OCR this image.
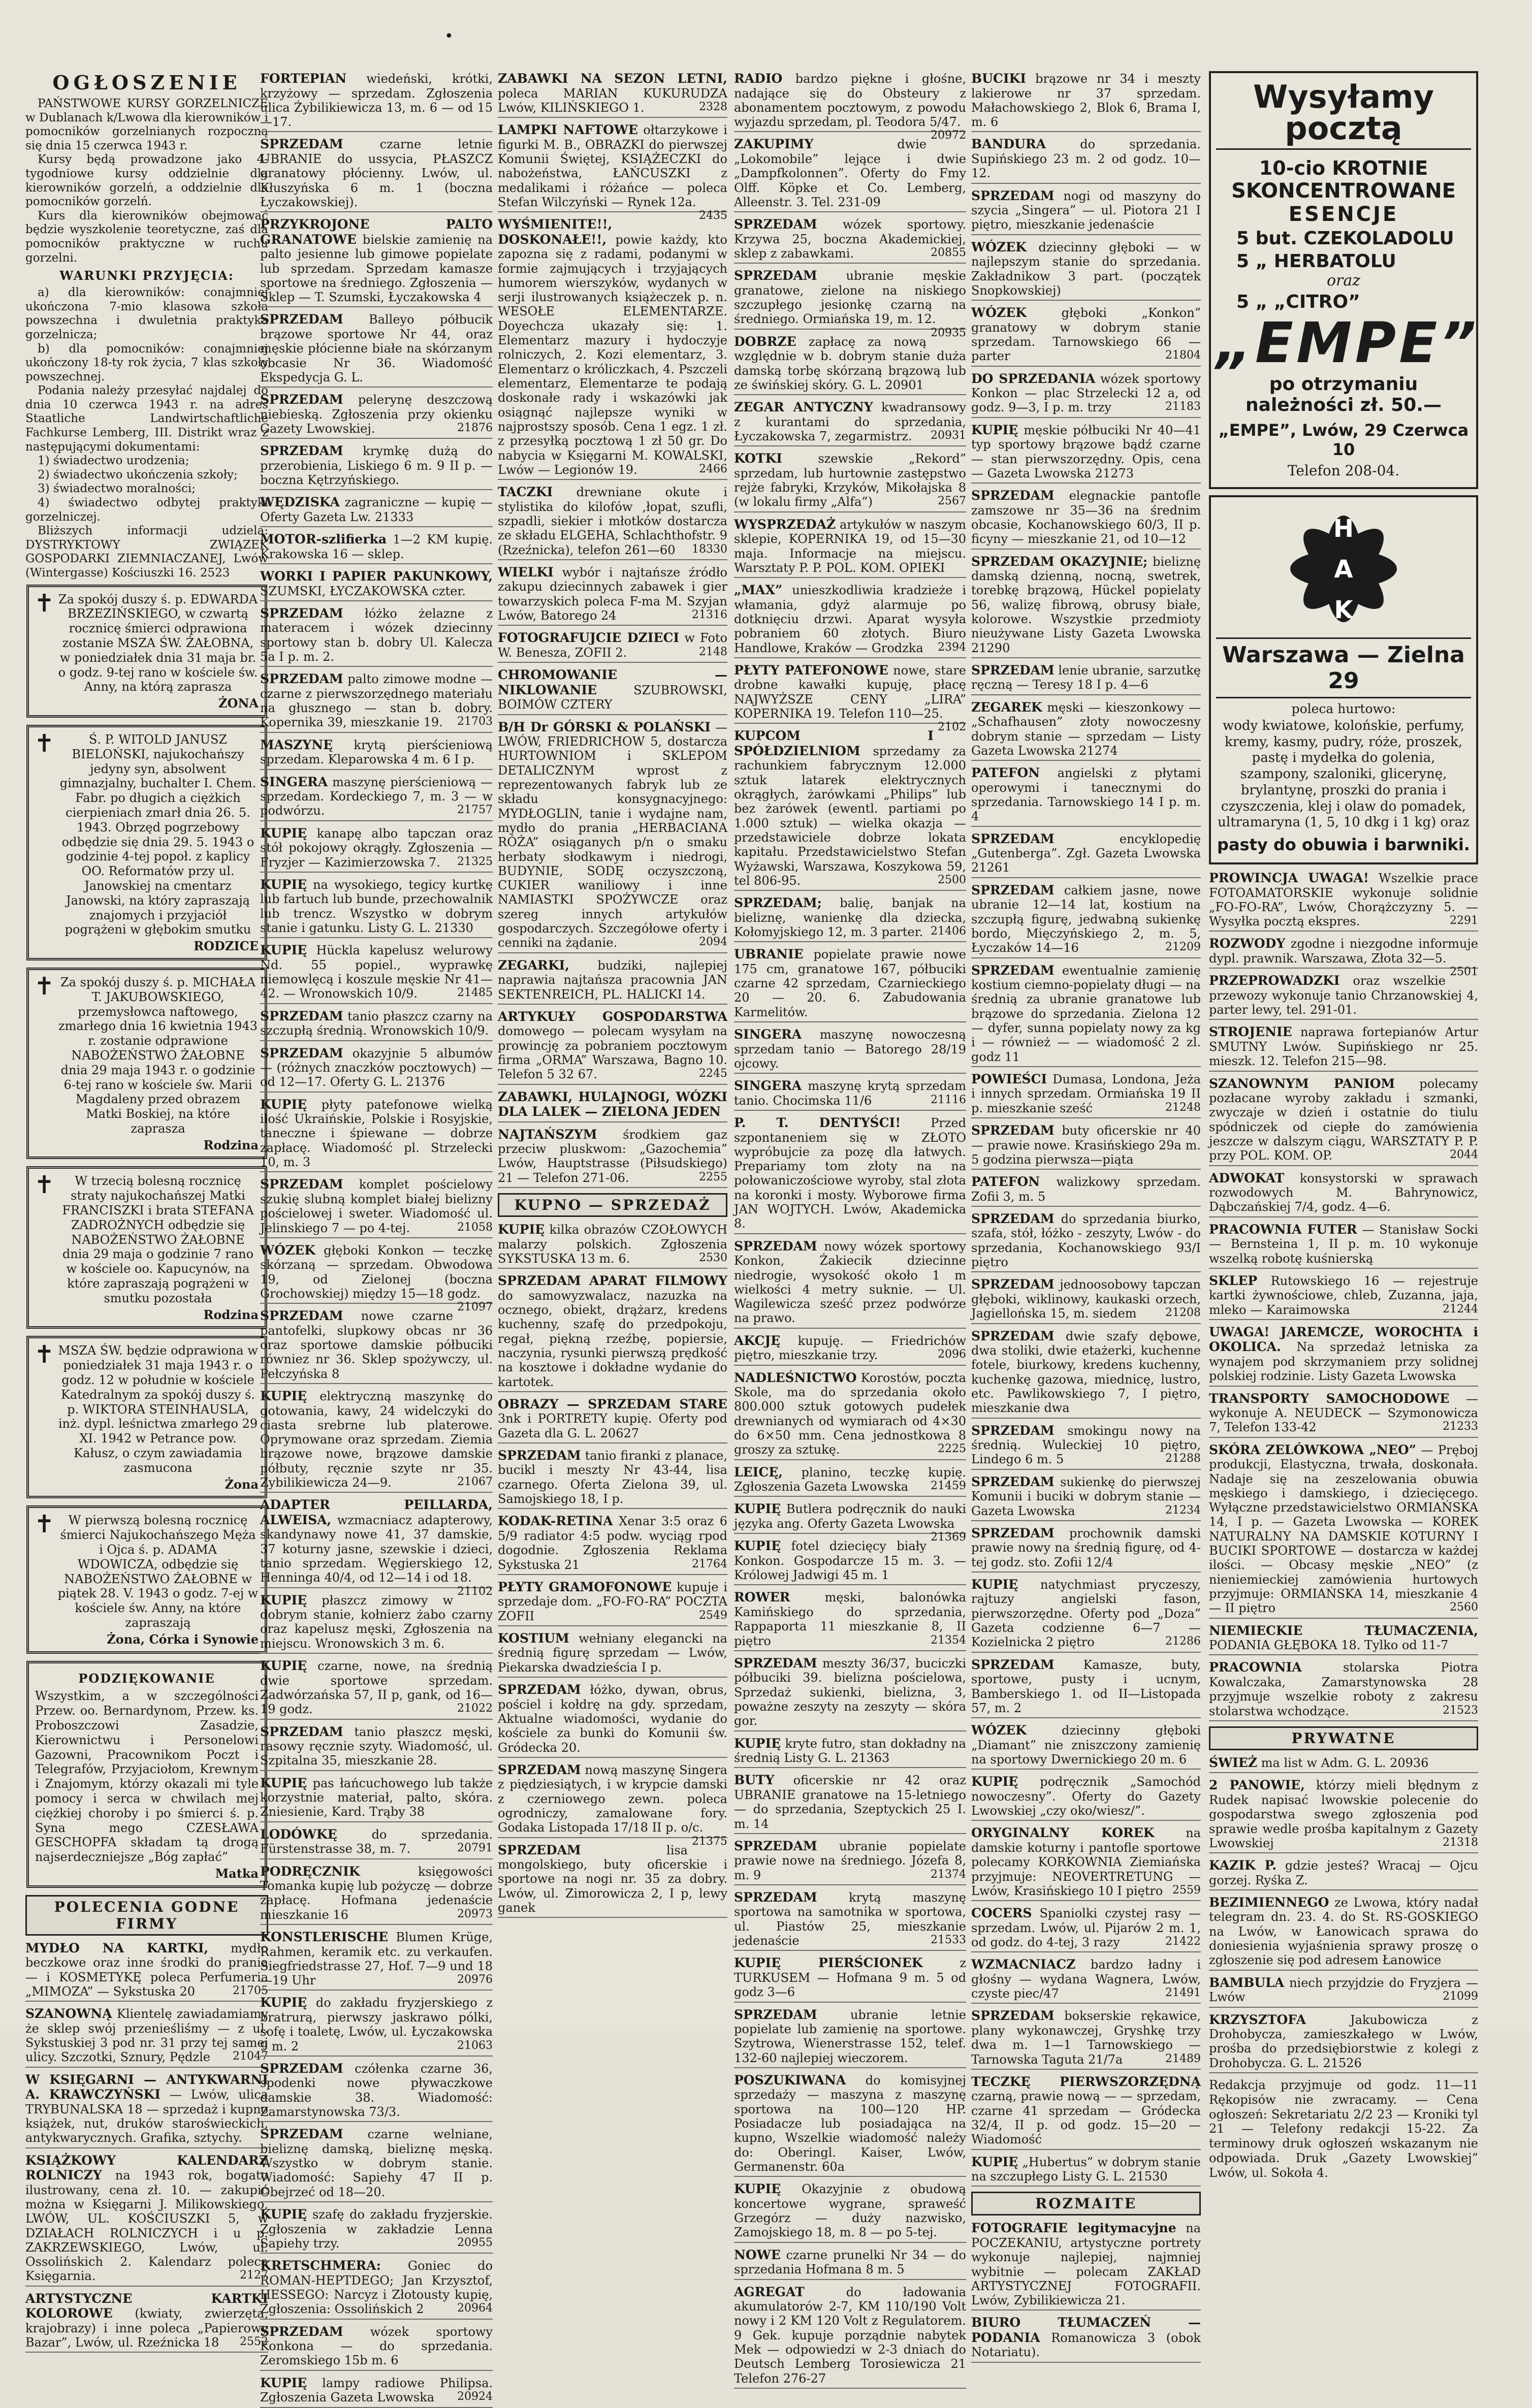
•
OGŁOSZENIE
PAŃSTWOWE KURSY GORZELNICZE w Dublanach k/Lwowa dla kierowników i pomocników gorzelnianych rozpoczną się dnia 15 czerwca 1943 r.
Kursy będą prowadzone jako 4-tygodniowe kursy oddzielnie dla kierowników gorzelń, a oddzielnie dla pomocników gorzelń.
Kurs dla kierowników obejmować będzie wyszkolenie teoretyczne, zaś dla pomocników praktyczne w ruchu gorzelni.
WARUNKI PRZYJĘCIA:
a) dla kierowników: conajmniej ukończona 7-mio klasowa szkoła powszechna i dwuletnia praktyka gorzelnicza;
b) dla pomocników: conajmniej ukończony 18-ty rok życia, 7 klas szkoły powszechnej.
Podania należy przesyłać najdalej do dnia 10 czerwca 1943 r. na adres Staatliche Landwirtschaftliche Fachkurse Lemberg, III. Distrikt wraz z następującymi dokumentami:
1) świadectwo urodzenia;
2) świadectwo ukończenia szkoły;
3) świadectwo moralności;
4) świadectwo odbytej praktyki gorzelniczej.
Bliższych informacji udziela: DYSTRYKTOWY ZWIĄZEK GOSPODARKI ZIEMNIACZANEJ, Lwów (Wintergasse) Kościuszki 16. 2523
✝ Za spokój duszy ś. p. EDWARDA BRZEZIŃSKIEGO, w czwartą rocznicę śmierci odprawiona zostanie MSZA ŚW. ŻAŁOBNA, w poniedziałek dnia 31 maja br. o godz. 9-tej rano w kościele św. Anny, na którą zaprasza
ŻONA
✝	Ś. P. WITOLD JANUSZ BIELOŃSKI, najukochańszy jedyny syn, absolwent gimnazjalny, buchalter I. Chem. Fabr. po długich a ciężkich cierpieniach zmarł dnia 26. 5. 1943. Obrzęd pogrzebowy odbędzie się dnia 29. 5. 1943 o godzinie 4-tej popoł. z kaplicy OO. Reformatów przy ul. Janowskiej na cmentarz Janowski, na który zapraszają znajomych i przyjaciół pogrążeni w głębokim smutku
RODZICE
✝ Za spokój duszy ś. p. MICHAŁA T. JAKUBOWSKIEGO, przemysłowca naftowego, zmarłego dnia 16 kwietnia 1943 r. zostanie odprawione NABOŻEŃSTWO ŻAŁOBNE dnia 29 maja 1943 r. o godzinie 6-tej rano w kościele św. Marii Magdaleny przed obrazem Matki Boskiej, na które zaprasza
Rodzina
✝	W trzecią bolesną rocznicę straty najukochańszej Matki FRANCISZKI i brata STEFANA ZADROŻNYCH odbędzie się NABOŻEŃSTWO ŻAŁOBNE dnia 29 maja o godzinie 7 rano w kościele oo. Kapucynów, na które zapraszają pogrążeni w smutku pozostała
Rodzina
✝ MSZA ŚW. będzie odprawiona w poniedziałek 31 maja 1943 r. o godz. 12 w południe w kościele Katedralnym za spokój duszy ś. p. WIKTORA STEINHAUSLA, inż. dypl. leśnictwa zmarłego 29 XI. 1942 w Petrance pow. Kałusz, o czym zawiadamia zasmucona
Żona
✝	W pierwszą bolesną rocznicę śmierci Najukochańszego Męża i Ojca ś. p. ADAMA WDOWICZA, odbędzie się NABOŻEŃSTWO ŻAŁOBNE w piątek 28. V. 1943 o godz. 7-ej w kościele św. Anny, na które zapraszają
Żona, Córka i Synowie
PODZIĘKOWANIE
Wszystkim, a w szczególności Przew. oo. Bernardynom, Przew. ks. Proboszczowi Zasadzie, Kierownictwu i Personelowi Gazowni, Pracownikom Poczt i Telegrafów, Przyjaciołom, Krewnym i Znajomym, którzy okazali mi tyle pomocy i serca w chwilach mej ciężkiej choroby i po śmierci ś. p. Syna mego CZESŁAWA GESCHOPFA składam tą drogą najserdeczniejsze „Bóg zapłać”
Matka
POLECENIA GODNE FIRMY
MYDŁO NA KARTKI, mydło beczkowe oraz inne środki do prania — i KOSMETYKĘ poleca Perfumeria „MIMOZA” — Sykstuska 20	21705
SZANOWNĄ Klientelę zawiadamiamy że sklep swój przenieśliśmy — z ul. Sykstuskiej 3 pod nr. 31 przy tej samej ulicy. Szczotki, Sznury, Pędzle	21047
W KSIĘGARNI — ANTYKWARNI A. KRAWCZYŃSKI — Lwów, ulica TRYBUNALSKA 18 — sprzedaż i kupno książek, nut, druków staroświeckich, antykwarycznych. Grafika, sztychy.
KSIĄŻKOWY KALENDARZ ROLNICZY na 1943 rok, bogato ilustrowany, cena zł. 10. — zakupić można w Księgarni J. Milikowskiego, LWÓW, UL. KOŚCIUSZKI 5, w DZIAŁACH ROLNICZYCH i u p. ZAKRZEWSKIEGO, Lwów, ul. Ossolińskich 2. Kalendarz poleca Księgarnia.	2127
ARTYSTYCZNE KARTKI KOLOROWE (kwiaty, zwierzęta, krajobrazy) i inne poleca „Papierowy Bazar”, Lwów, ul. Rzeźnicka 18	2552
FORTEPIAN wiedeński, krótki, krzyżowy — sprzedam. Zgłoszenia ulica Żybilikiewicza 13, m. 6 — od 15—17.
SPRZEDAM	czarne letnie UBRANIE do ussycia, PŁASZCZ granatowy płócienny. Lwów, ul. Kłuszyńska 6 m. 1 (boczna Łyczakowskiej).
PRZYKROJONE PALTO GRANATOWE bielskie zamienię na palto jesienne lub gimowe popielate lub sprzedam. Sprzedam kamasze sportowe na średniego. Zgłoszenia — Sklep — T. Szumski, Łyczakowska 4
SPRZEDAM Balleyo półbucik brązowe sportowe Nr 44, oraz męskie płócienne białe na skórzanym obcasie Nr 36. Wiadomość Ekspedycja G. L.
SPRZEDAM pelerynę deszczową niebieską. Zgłoszenia przy okienku Gazety Lwowskiej.	21876
SPRZEDAM krymkę dużą do przerobienia, Liskiego 6 m. 9 II p. — boczna Kętrzyńskiego.
WĘDZISKA zagraniczne — kupię — Oferty Gazeta Lw. 21333
MOTOR-szlifierka 1—2 KM kupię. Krakowska 16 — sklep.
WORKI I PAPIER PAKUNKOWY, SZUMSKI, ŁYCZAKOWSKA czter.
SPRZEDAM łóżko żelazne z materacem i wózek dziecinny sportowy stan b. dobry Ul. Kalecza 5a I p. m. 2.
SPRZEDAM palto zimowe modne — czarne z pierwszorzędnego materiału na głusznego — stan b. dobry. Kopernika 39, mieszkanie 19.	21703
MASZYNĘ krytą pierścieniową sprzedam. Kleparowska 4 m. 6 I p.
SINGERA maszynę pierścieniową — sprzedam. Kordeckiego 7, m. 3 — w podwórzu.	21757
KUPIĘ kanapę albo tapczan oraz stół pokojowy okrągły. Zgłoszenia — Fryzjer — Kazimierzowska 7.	21325
KUPIĘ na wysokiego, tegicy kurtkę lub fartuch lub bunde, przechowalnik lub trencz. Wszystko w dobrym stanie i gatunku. Listy G. L. 21330
KUPIĘ Hückla kapelusz welurowy Nd. 55 popiel., wyprawkę niemowlęcą i koszule męskie Nr 41—42. — Wronowskich 10/9.	21485
SPRZEDAM tanio płaszcz czarny na szczupłą średnią. Wronowskich 10/9.
SPRZEDAM okazyjnie 5 albumów — (różnych znaczków pocztowych) — od 12—17. Oferty G. L. 21376
KUPIĘ płyty patefonowe wielką ilość Ukraińskie, Polskie i Rosyjskie, taneczne i śpiewane — dobrze zapłacę. Wiadomość pl. Strzelecki 10, m. 3
SPRZEDAM komplet pościelowy szukię slubną komplet białej bielizny pościelowej i sweter. Wiadomość ul. Jelinskiego 7 — po 4-tej.	21058
WÓZEK głęboki Konkon — teczkę skórzaną — sprzedam. Obwodowa 19, od Zielonej (boczna Grochowskiej) między 15—18 godz.
21097
SPRZEDAM nowe czarne pantofelki, slupkowy obcas nr 36 oraz sportowe damskie półbuciki równiez nr 36. Sklep spożywczy, ul. Pełczyńska 8
KUPIĘ elektryczną maszynkę do gotowania, kawy, 24 widelczyki do ciasta srebrne lub platerowe. Oprymowane oraz sprzedam. Ziemia brązowe nowe, brązowe damskie półbuty, ręcznie szyte nr 35. Zybilikiewicza 24—9.	21067
ADAPTER PEILLARDA, ALWEISA, wzmacniacz adapterowy, skandynawy nowe 41, 37 damskie, 37 koturny jasne, szewskie i dzieci, tanio sprzedam. Węgierskiego 12, Henninga 40/4, od 12—14 i od 18.
21102
KUPIĘ płaszcz zimowy w dobrym stanie, kołnierz żabo czarny oraz kapelusz męski, Zgłoszenia na miejscu. Wronowskich 3 m. 6.
KUPIĘ czarne, nowe, na średnią dwie sportowe sprzedam. Zadwórzańska 57, II p, gank, od 16—19 godz.	21022
SPRZEDAM tanio płaszcz męski, rasowy ręcznie szyty. Wiadomość, ul. Szpitalna 35, mieszkanie 28.
KUPIĘ pas łańcuchowego lub także korzystnie materiał, palto, skóra. Zniesienie, Kard. Trąby 38
LODÓWKĘ	do sprzedania. Fürstenstrasse 38, m. 7.	20791
PODRĘCZNIK	księgowości Tomanka kupię lub pożyczę — dobrze zapłacę. Hofmana jedenaście mieszkanie 16	20973
KONSTLERISCHE Blumen Krüge, Rahmen, keramik etc. zu verkaufen. Siegfriedstrasse 27, Hof. 7—9 und 18—19 Uhr	20976
KUPIĘ do zakładu fryzjerskiego z bratrurą, pierwszy jaskrawo pólki, sofę i toaletę, Lwów, ul. Łyczakowska 9 m. 2	21063
SPRZEDAM czółenka czarne 36, spodenki nowe pływaczkowe damskie 38. Wiadomość: Zamarstynowska 73/3.
SPRZEDAM czarne welniane, bieliznę damską, bieliznę męską. Wszystko w dobrym stanie. Wiadomość: Sapiehy 47 II p. Obejrzeć od 18—20.
KUPIĘ szafę do zakładu fryzjerskie. Zgłoszenia w zakładzie Lenna Sapiehy trzy.	20955
KRETSCHMERA: Goniec do ROMAN-HEPTDEGO; Jan Krzysztof, HESSEGO: Narcyz i Złotousty kupię, Zgłoszenia: Ossolińskich 2	20964
SPRZEDAM wózek sportowy Konkona — do sprzedania. Zeromskiego 15b m. 6
KUPIĘ lampy radiowe Philipsa. Zgłoszenia Gazeta Lwowska	20924
ZABAWKI NA SEZON LETNI, poleca MARIAN KUKURUDZA Lwów, KILIŃSKIEGO 1.	2328
LAMPKI NAFTOWE ołtarzykowe i figurki M. B., OBRAZKI do pierwszej Komunii Świętej, KSIĄŻECZKI do nabożeństwa, ŁAŃCUSZKI z medalikami i różańce — poleca Stefan Wilczyński — Rynek 12a.
2435
WYŚMIENITE!!, DOSKONAŁE!!, powie każdy, kto zapozna się z radami, podanymi w formie zajmujących i trzyjających humorem wierszyków, wydanych w serji ilustrowanych książeczek p. n. WESOŁE ELEMENTARZE. Doyechcza ukazały się: 1. Elementarz mazury i hydoczyje rolniczych, 2. Kozi elementarz, 3. Elementarz o króliczkach, 4. Pszczeli elementarz, Elementarze te podają doskonałe rady i wskazówki jak osiągnąć najlepsze wyniki w najprostszy sposób. Cena 1 egz. 1 zł. z przesyłką pocztową 1 zł 50 gr. Do nabycia w Księgarni M. KOWALSKI, Lwów — Legionów 19.	2466
TACZKI drewniane okute i stylistika do kilofów ,łopat, szufli, szpadli, siekier i młotków dostarcza ze składu ELGEHA, Schlachthofstr. 9 (Rzeźnicka), telefon 261—60	18330
WIELKI wybór i najtańsze źródło zakupu dziecinnych zabawek i gier towarzyskich poleca F-ma M. Szyjan Lwów, Batorego 24	21316
FOTOGRAFUJCIE DZIECI w Foto W. Benesza, ZOFII 2.	2148
CHROMOWANIE — NIKLOWANIE	SZUBROWSKI, BOIMÓW CZTERY
B/H Dr GÓRSKI & POLAŃSKI — LWÓW, FRIEDRICHOW 5, dostarcza HURTOWNIOM i SKLEPOM DETALICZNYM wprost z reprezentowanych fabryk lub ze składu konsygnacyjnego: MYDŁOGLIN, tanie i wydajne nam, mydło do prania „HERBACIANA RÓŻA” osiąganych p/n o smaku herbaty słodkawym i niedrogi, BUDYNIE, SODĘ oczyszczoną, CUKIER waniliowy i inne NAMIASTKI SPOŻYWCZE oraz szereg innych artykułów gospodarczych. Szczegółowe oferty i cenniki na żądanie.	2094
ZEGARKI, budziki, najlepiej naprawia najtańsza pracownia JAN SEKTENREICH, PL. HALICKI 14.
ARTYKUŁY GOSPODARSTWA domowego — polecam wysyłam na prowincję za pobraniem pocztowym firma „ORMA” Warszawa, Bagno 10. Telefon 5 32 67.	2245
ZABAWKI, HULAJNOGI, WÓZKI DLA LALEK — ZIELONA JEDEN
NAJTAŃSZYM środkiem gaz przeciw pluskwom: „Gazochemia” Lwów, Hauptstrasse (Piłsudskiego) 21 — Telefon 271-06.	2255
KUPNO — SPRZEDAŻ
KUPIĘ kilka obrazów CZOŁOWYCH malarzy polskich. Zgłoszenia SYKSTUSKA 13 m. 6.	2530
SPRZEDAM APARAT FILMOWY do samowyzwalacz, nazuzka na ocznego, obiekt, drążarz, kredens kuchenny, szafę do przedpokoju, regał, piękną rzeźbę, popiersie, naczynia, rysunki pierwszą prędkość na kosztowe i dokładne wydanie do kartotek.
OBRAZY — SPRZEDAM STARE 3nk i PORTRETY kupię. Oferty pod Gazeta dla G. L. 20627
SPRZEDAM tanio firanki z planace, bucikl i meszty Nr 43-44, lisa czarnego. Oferta Zielona 39, ul. Samojskiego 18, I p.
KODAK-RETINA Xenar 3:5 oraz 6 5/9 radiator 4:5 podw. wyciąg rpod dogodnie. Zgłoszenia Reklama Sykstuska 21	21764
PŁYTY GRAMOFONOWE kupuje i sprzedaje dom. „FO-FO-RA” POCZTA ZOFII	2549
KOSTIUM wełniany elegancki na średnią figurę sprzedam — Lwów, Piekarska dwadzieścia I p.
SPRZEDAM łóżko, dywan, obrus, pościel i kołdrę na gdy. sprzedam, Aktualne wiadomości, wydanie do kościele za bunki do Komunii św. Gródecka 20.
SPRZEDAM nową maszynę Singera z piędziesiątych, i w krypcie damski z czerniowego zewn. poleca ogrodniczy, zamalowane fory. Godaka Listopada 17/18 II p. o/c.
21375
SPRZEDAM	lisa mongolskiego, buty oficerskie i sportowe na nogi nr. 35 za dobry. Lwów, ul. Zimorowicza 2, I p, lewy ganek
RADIO bardzo piękne i głośne, nadające się do Obsteury z abonamentem pocztowym, z powodu wyjazdu sprzedam, pl. Teodora 5/47.
20972
ZAKUPIMY	dwie „Lokomobile” lejące i dwie „Dampfkolonnen”. Oferty do Fmy Olff. Köpke et Co. Lemberg, Alleenstr. 3. Tel. 231-09
SPRZEDAM wózek sportowy. Krzywa 25, boczna Akademickiej, sklep z zabawkami.	20855
SPRZEDAM ubranie męskie granatowe, zielone na niskiego szczupłego jesionkę czarną na średniego. Ormiańska 19, m. 12.
20935
DOBRZE zapłacę za nową względnie w b. dobrym stanie duża damską torbę skórzaną brązową lub ze świńskiej skóry. G. L. 20901
ZEGAR ANTYCZNY kwadransowy z kurantami do sprzedania, Łyczakowska 7, zegarmistrz.	20931
KOTKI	szewskie „Rekord” sprzedam, lub hurtownie zastępstwo rejże fabryki, Krzyków, Mikołajska 8 (w lokalu firmy „Alfa”)	2567
WYSPRZEDAŻ artykułów w naszym sklepie, KOPERNIKA 19, od 15—30 maja. Informacje na miejscu. Warsztaty P. P. POL. KOM. OPIEKI
„MAX” unieszkodliwia kradzieże i włamania, gdyż alarmuje po dotknięciu drzwi. Aparat wysyła pobraniem 60 złotych. Biuro Handlowe, Kraków — Grodzka	2394
PŁYTY PATEFONOWE nowe, stare drobne kawałki kupuję, płacę NAJWYŻSZE CENY „LIRA” KOPERNIKA 19. Telefon 110—25.
2102
KUPCOM I SPÓŁDZIELNIOM sprzedamy za rachunkiem fabrycznym 12.000 sztuk latarek elektrycznych okrągłych, żarówkami „Philips” lub bez żarówek (ewentl. partiami po 1.000 sztuk) — wielka okazja — przedstawiciele dobrze lokata kapitału. Przedstawicielstwo Stefan Wyżawski, Warszawa, Koszykowa 59, tel 806-95.	2500
SPRZEDAM; balię, banjak na bieliznę, wanienkę dla dziecka, Kołomyjskiego 12, m. 3 parter. 21406
UBRANIE popielate prawie nowe 175 cm, granatowe 167, półbuciki czarne 42 sprzedam, Czarnieckiego 20 — 20. 6. Zabudowania Karmelitów.
SINGERA maszynę nowoczesną sprzedam tanio — Batorego 28/19 ojcowy.
SINGERA maszynę krytą sprzedam tanio. Chocimska 11/6	21116
P. T. DENTYŚCI! Przed szpontaneniem się w ZŁOTO wypróbujcie za pozę dla łatwych. Prepariamy tom złoty na na połowaniczościowe wyroby, stal złota na koronki i mosty. Wyborowe firma JAN WOJTYCH. Lwów, Akademicka 8.
SPRZEDAM nowy wózek sportowy Konkon, Żakiecik dziecinne niedrogie, wysokość około 1 m wielkości 4 metry suknie. — Ul. Wagilewicza sześć przez podwórze na prawo.
AKCJĘ kupuję. — Friedrichów piętro, mieszkanie trzy.	2096
NADLEŚNICTWO Korostów, poczta Skole, ma do sprzedania około 800.000 sztuk gotowych pudełek drewnianych od wymiarach od 4×30 do 6×50 mm. Cena jednostkowa 8 groszy za sztukę.	2225
LEICĘ, planino, teczkę kupię. Zgłoszenia Gazeta Lwowska	21459
KUPIĘ Butlera podręcznik do nauki języka ang. Oferty Gazeta Lwowska
21369
KUPIĘ fotel dziecięcy biały Konkon. Gospodarcze 15 m. 3. — Królowej Jadwigi 45 m. 1
ROWER	męski, balonówka Kamińskiego do sprzedania, Rappaporta 11 mieszkanie 8, II piętro	21354
SPRZEDAM meszty 36/37, buciczki półbuciki 39. bielizna pościelowa, Sprzedaż sukienki, bielizna, 3, poważne zeszyty na zeszyty — skóra gor.
KUPIĘ kryte futro, stan dokładny na średnią Listy G. L. 21363
BUTY oficerskie nr 42 oraz UBRANIE granatowe na 15-letniego — do sprzedania, Szeptyckich 25 I. m. 14
SPRZEDAM ubranie popielate prawie nowe na średniego. Józefa 8, m. 9	21374
SPRZEDAM	krytą maszynę sportowa na samotnika w sportowa, ul. Piastów 25, mieszkanie jedenaście	21533
KUPIĘ PIERŚCIONEK	z TURKUSEM — Hofmana 9 m. 5 od godz 3—6
SPRZEDAM	ubranie letnie popielate lub zamienię na sportowe. Szytrowa, Wienerstrasse 152, telef. 132-60 najlepiej wieczorem.
POSZUKIWANA do komisyjnej sprzedaży — maszyna z maszynę sportowa na 100—120 HP. Posiadacze lub posiadająca na kupno, Wszelkie wiadomość należy do: Oberingl. Kaiser, Lwów, Germanenstr. 60a
KUPIĘ Okazyjnie z obudową koncertowe wygrane, spraweść Grzegórz — duży nazwisko, Zamojskiego 18, m. 8 — po 5-tej.
NOWE czarne prunelki Nr 34 — do sprzedania Hofmana 8 m. 5
AGREGAT	do ładowania akumulatorów 2-7, KM 110/190 Volt nowy i 2 KM 120 Volt z Regulatorem. 9 Gek. kupuje porządnie nabytek Mek — odpowiedzi w 2-3 dniach do Deutsch Lemberg Torosiewicza 21 Telefon 276-27
BUCIKI brązowe nr 34 i meszty lakierowe nr 37 sprzedam. Małachowskiego 2, Blok 6, Brama I, m. 6
BANDURA	do sprzedania. Supińskiego 23 m. 2 od godz. 10—12.
SPRZEDAM nogi od maszyny do szycia „Singera” — ul. Piotora 21 I piętro, mieszkanie jedenaście
WÓZEK dziecinny głęboki — w najlepszym stanie do sprzedania. Zakładnikow 3 part. (początek Snopkowskiej)
WÓZEK	głęboki „Konkon” granatowy w dobrym stanie sprzedam. Tarnowskiego 66 — parter	21804
DO SPRZEDANIA wózek sportowy Konkon — plac Strzelecki 12 a, od godz. 9—3, I p. m. trzy	21183
KUPIĘ męskie półbuciki Nr 40—41 typ sportowy brązowe bądź czarne — stan pierwszorzędny. Opis, cena — Gazeta Lwowska 21273
SPRZEDAM elegnackie pantofle zamszowe nr 35—36 na średnim obcasie, Kochanowskiego 60/3, II p. ficyny — mieszkanie 21, od 10—12
SPRZEDAM OKAZYJNIE; bieliznę damską dzienną, nocną, swetrek, torebkę brązową, Hückel popielaty 56, walizę fibrową, obrusy białe, kolorowe. Wszystkie przedmioty nieużywane Listy Gazeta Lwowska 21290
SPRZEDAM lenie ubranie, sarzutkę ręczną — Teresy 18 I p. 4—6
ZEGAREK męski — kieszonkowy — „Schafhausen” złoty nowoczesny dobrym stanie — sprzedam — Listy Gazeta Lwowska 21274
PATEFON angielski z płytami operowymi i tanecznymi do sprzedania. Tarnowskiego 14 I p. m. 4
SPRZEDAM	encyklopedię „Gutenberga”. Zgł. Gazeta Lwowska 21261
SPRZEDAM całkiem jasne, nowe ubranie 12—14 lat, kostium na szczupłą figurę, jedwabną sukienkę bordo, Mięczyńskiego 2, m. 5, Łyczaków 14—16	21209
SPRZEDAM ewentualnie zamienię kostium ciemno-popielaty długi — na średnią za ubranie granatowe lub brązowe do sprzedania. Zielona 12 — dyfer, sunna popielaty nowy za kg i — również — — wiadomość 2 zl. godz 11
POWIEŚCI Dumasa, Londona, Jeża i innych sprzedam. Ormiańska 19 II p. mieszkanie sześć	21248
SPRZEDAM buty oficerskie nr 40 — prawie nowe. Krasińskiego 29a m. 5 godzina pierwsza—piąta
PATEFON walizkowy sprzedam. Zofii 3, m. 5
SPRZEDAM do sprzedania biurko, szafa, stół, łóżko - zeszyty, Lwów - do sprzedania, Kochanowskiego 93/I piętro
SPRZEDAM jednoosobowy tapczan głęboki, wiklinowy, kaukaski orzech, Jagiellońska 15, m. siedem	21208
SPRZEDAM dwie szafy dębowe, dwa stoliki, dwie etażerki, kuchenne fotele, biurkowy, kredens kuchenny, kuchenkę gazowa, miednicę, lustro, etc. Pawlikowskiego 7, I piętro, mieszkanie dwa
SPRZEDAM smokingu nowy na średnią. Wuleckiej 10 piętro, Lindego 6 m. 5	21288
SPRZEDAM sukienkę do pierwszej Komunii i buciki w dobrym stanie — Gazeta Lwowska	21234
SPRZEDAM prochownik damski prawie nowy na średnią figurę, od 4-tej godz. sto. Zofii 12/4
KUPIĘ natychmiast pryczeszy, rajtuzy angielski fason, pierwszorzędne. Oferty pod „Doza” Gazeta codzienne 6—7 — Kozielnicka 2 piętro	21286
SPRZEDAM Kamasze, buty, sportowe, pusty i ucnym, Bamberskiego 1. od II—Listopada 57, m. 2
WÓZEK	dziecinny głęboki „Diamant” nie zniszczony zamienię na sportowy Dwernickiego 20 m. 6
KUPIĘ podręcznik „Samochód nowoczesny”. Oferty do Gazety Lwowskiej „czy oko/wiesz/”.
ORYGINALNY KOREK	na damskie koturny i pantofle sportowe polecamy KORKOWNIA Ziemiańska przyjmuje: NEOVERTRETUNG — Lwów, Krasińskiego 10 I piętro 2559
COCERS Spaniolki czystej rasy — sprzedam. Lwów, ul. Pijarów 2 m. 1, od godz. do 4-tej, 3 razy	21422
WZMACNIACZ bardzo ładny i głośny — wydana Wagnera, Lwów, czyste piec/47	21491
SPRZEDAM bokserskie rękawice, plany wykonawczej, Gryshkę trzy dwa m. 1—1 Tarnowskiego — Tarnowska Taguta 21/7a	21489
TECZKĘ PIERWSZORZĘDNĄ czarną, prawie nową — — sprzedam, czarne 41 sprzedam — Gródecka 32/4, II p. od godz. 15—20 — Wiadomość
KUPIĘ „Hubertus” w dobrym stanie na szczupłego Listy G. L. 21530
ROZMAITE
FOTOGRAFIE legitymacyjne na POCZEKANIU, artystyczne portrety wykonuje najlepiej, najmniej wybitnie — polecam ZAKŁAD ARTYSTYCZNEJ FOTOGRAFII. Lwów, Zybilikiewicza 21.
BIURO TŁUMACZEŃ — PODANIA Romanowicza 3 (obok Notariatu).
Wysyłamy pocztą
10-cio KROTNIE
SKONCENTROWANE
ESENCJE
5 but. CZEKOLADOLU
5 „ HERBATOLU
oraz
5 „ „CITRO”
„EMPE”
po otrzymaniu należności zł. 50.—
„EMPE”, Lwów, 29 Czerwca 10
Telefon 208-04.
H
A
K
Warszawa — Zielna 29
poleca hurtowo:
wody kwiatowe, kolońskie, perfumy, kremy, kasmy, pudry, róże, proszek, pastę i mydełka do golenia, szampony, szaloniki, glicerynę, brylantynę, proszki do prania i czyszczenia, klej i olaw do pomadek, ultramaryna (1, 5, 10 dkg i 1 kg) oraz
pasty do obuwia i barwniki.
PROWINCJA UWAGA! Wszelkie prace FOTOAMATORSKIE wykonuje solidnie „FO-FO-RA”, Lwów, Chorążczyzny 5. — Wysyłka pocztą ekspres.	2291
ROZWODY zgodne i niezgodne informuje dypl. prawnik. Warszawa, Złota 32—5.
2501
PRZEPROWADZKI oraz wszelkie przewozy wykonuje tanio Chrzanowskiej 4, parter lewy, tel. 291-01.
STROJENIE naprawa fortepianów Artur SMUTNY Lwów. Supińskiego nr 25. mieszk. 12. Telefon 215—98.
SZANOWNYM PANIOM polecamy pozłacane wyroby zakładu i szmanki, zwyczaje w dzień i ostatnie do tiulu spódniczek od ciepłe do zamówienia jeszcze w dalszym ciągu, WARSZTATY P. P. przy POL. KOM. OP.	2044
ADWOKAT konsystorski w sprawach rozwodowych M. Bahrynowicz, Dąbczańskiej 7/4, godz. 4—6.
PRACOWNIA FUTER — Stanisław Socki — Bernsteina 1, II p. m. 10 wykonuje wszelką robotę kuśnierską
SKLEP Rutowskiego 16 — rejestruje kartki żywnościowe, chleb, Zuzanna, jaja, mleko — Karaimowska	21244
UWAGA! JAREMCZE, WOROCHTA i OKOLICA. Na sprzedaż letniska za wynajem pod skrzymaniem przy solidnej polskiej rodzinie. Listy Gazeta Lwowska
TRANSPORTY SAMOCHODOWE — wykonuje A. NEUDECK — Szymonowicza 7, Telefon 133-42	21233
SKÓRA ZELÓWKOWA „NEO” — Pręboj produkcji, Elastyczna, trwała, doskonała. Nadaje się na zeszelowania obuwia męskiego i damskiego, i dziecięcego. Wyłączne przedstawicielstwo ORMIAŃSKA 14, I p. — Gazeta Lwowska — KOREK NATURALNY NA DAMSKIE KOTURNY I BUCIKI SPORTOWE — dostarcza w każdej ilości. — Obcasy męskie „NEO” (z nieniemieckiej zamówienia hurtowych przyjmuje: ORMIAŃSKA 14, mieszkanie 4 — II piętro	2560
NIEMIECKIE TŁUMACZENIA, PODANIA GŁĘBOKA 18. Tylko od 11-7
PRACOWNIA	stolarska Piotra Kowalczaka, Zamarstynowska 28 przyjmuje wszelkie roboty z zakresu stolarstwa wchodzące.	21523
PRYWATNE
ŚWIEŻ ma list w Adm. G. L. 20936
2 PANOWIE, którzy mieli błędnym z Rudek napisać lwowskie polecenie do gospodarstwa swego zgłoszenia pod sprawie wedle prośba kapitalnym z Gazety Lwowskiej	21318
KAZIK P. gdzie jesteś? Wracaj — Ojcu gorzej. Ryśka Z.
BEZIMIENNEGO ze Lwowa, który nadał telegram dn. 23. 4. do St. RS-GOSKIEGO na Lwów, w Łanowicach sprawa do doniesienia wyjaśnienia sprawy proszę o zgłoszenie się pod adresem Łanowice
BAMBULA niech przyjdzie do Fryzjera — Lwów	21099
KRZYSZTOFA	Jakubowicza z Drohobycza, zamieszkałego w Lwów, prośba do przedsiębiorstwie z kolegi z Drohobycza. G. L. 21526
Redakcja przyjmuje od godz. 11—11 Rękopisów nie zwracamy. — Cena ogłoszeń: Sekretariatu 2/2 23 — Kroniki tyl 21 — Telefony redakcji 15-22. Za terminowy druk ogłoszeń wskazanym nie odpowiada. Druk „Gazety Lwowskiej” Lwów, ul. Sokoła 4.
